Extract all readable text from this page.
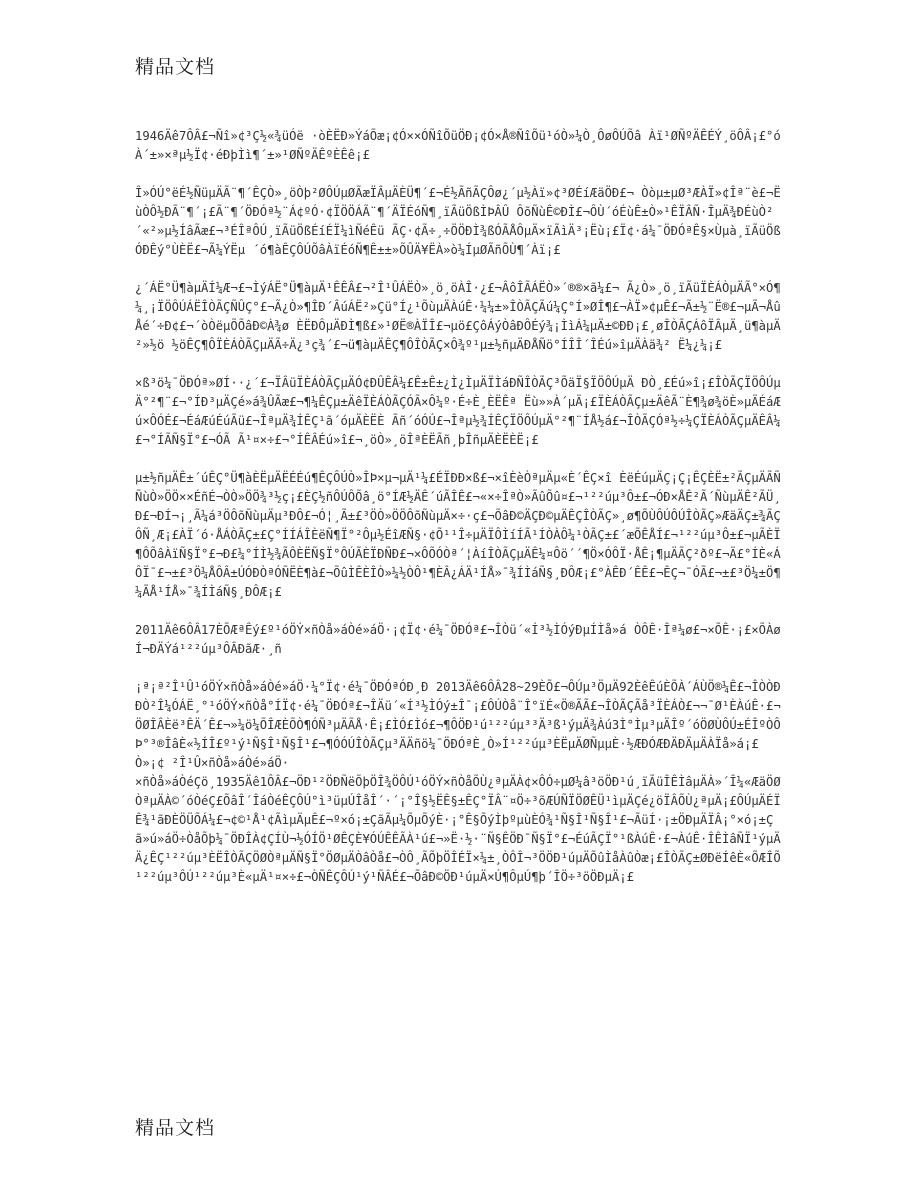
精品文档

1946Äê7ÔÂ£¬Ñî»¢³Ç½«¾üÓë ·òÈËÐ»ÝáÕæ¡¢Ó××ÓÑîÕüÖÐ¡¢Ó×Å®ÑîÕü¹óÒ»¼Ò¸ÔøÔÚÕâ Àï¹ØÑºÄÊÉÝ¸öÔÂ¡£°óÀ´±»×ªµ½Ï¢·éÐþÌì¶´±»¹ØÑºÄÊºÈÊê¡£

Î»ÓÚ°ëÉ½ÑüµÄÃ¨¶´ÊÇÒ»¸öÒþ²ØÔÚµØÃæÏÂµÄÈÜ¶´£¬É½ÃñÃÇÔø¿´µ½Àï»¢³ØÉíÆäÖÐ£¬ Òòµ±µØ³ÆÀÏ»¢Îª¨è£¬ËùÒÔ½ÐÃ¨¶´¡£Ã¨¶´ÖÐÓª½¨Á¢ºÓ·¢ÏÖÖÁÃ¨¶´ÄÏÉóÑ¶¸ïÃüÖßÌÞÂÛ ÔõÑùÊ©ÐÌ£¬ÔÙ´óÉùÊ±Ò»¹ÊÏÂÑ·ÎµÄ¾ÐÉùÒ²´«²»µ½ÍâÃæ£¬³ÉÎªÔÚ¸ïÃüÖßÉíÉÏ¼ìÑéÊü ÃÇ·¢Ã÷¸÷ÖÖÐÌ¾ßÓÃÅÔµÄ×ïÃìÄ³¡Ëù¡£Ï¢·á¼¯ÖÐÓªÊ§×Ùµà¸ïÃüÖßÓÐÊý°ÙÈË£¬Ã¼ÝËµ ´ó¶àÊÇÔÚÕâÀïÉóÑ¶Ê±±»ÕÛÄ¥ËÀ»ò¼ÍµØÃñÕÙ¶´Àï¡£

¿´ÁË°Ü¶àµÄÍ¼Æ¬£¬ÌýÁË°Ü¶àµÄ¹ÊÊÂ£¬²Î¹ÛÁËÒ»¸ö¸öÀÎ·¿£¬ÂôÎÃÁËÒ»´®®×ã¼£¬ Ã¿Ò»¸ö¸ïÃüÏÈÁÒµÄÃ°×Ó¶¼¸¡ÏÖÔÚÁËÎÒÃÇÑÛÇ°£¬Ã¿Ò»¶ÎÐ´ÂúÁË²»Çü°Í¿¹ÕùµÄÀúÊ·¼¼±»ÎÒÃÇÃú¼Ç°Í»ØÎ¶£¬ÀÏ»¢µÊ£¬Ã±½¨Ë®£¬µÃ¬ÅûÅé´÷Ð¢£¬´òÒëµÕÕâÐ©À¾ø ÈËÐÔµÄÐÌ¶ß£»¹ØË®ÀÏÎ£¬µö£ÇôÁýÒâÐÔÉý¾¡ÌìÁ¼µÄ±©ÐÐ¡£¸øÎÒÃÇÁôÏÂµÄ¸ü¶àµÄ²»½ö ½öÊÇ¶ÔÏÈÁÒÃÇµÄÃ÷Ä¿³ç¾´£¬ü¶àµÄÊÇ¶ÔÎÒÃÇ×Ô¾º¹µ±½ñµÄÐÅÑö°ÍÎÎ´ÎÉú»îµÄÀä¾² Ë¼¿¼¡£

×ß³ö¼¯ÖÐÓª»ØÍ··¿´£¬ÏÂüÏÈÁÒÃÇµÄÓ¢ÐÛÊÂ¼£Ê±Ê±¿Ì¿ÌµÄÏÌáÐÑÎÒÃÇ³ÕäÏ§ÏÖÔÚµÄ ÐÒ¸£Éú»î¡£ÎÒÃÇÏÖÔÚµÄ°²¶¨£¬°ÍÐ³µÄÇé»á¾ÛÃæ£¬¶¼ÊÇµ±ÄêÏÈÁÒÃÇÓÃ×Ô¼º·É÷È¸ÈËÊª Ëù»»À´µÄ¡£ÏÈÁÒÃÇµ±ÄêÃ¨È¶¾ø¾öÈ»µÄÉáÆú×ÔÓÉ£¬ÉáÆúÉúÃü£¬ÎªµÄ¾ÍÊÇ¹ã´óµÄÈËÈ Ãñ´óÓÚ£¬Îªµ½¾ÍÊÇÏÖÔÚµÄ°²¶¨ÍÅ½á£¬ÎÒÃÇÓª½÷¼ÇÏÈÁÒÃÇµÄÊÂ¼£¬°ÍÃÑ§Ï°£¬ÓÃ Ã¹¤×÷£¬°ÍÊÂÉú»î£¬¸öÒ»¸öÎªÈËÃñ¸þÎñµÄÈËÈË¡£

µ±½ñµÄÊ±´úÊÇ°Ü¶àÈËµÄËÉÉú¶ÊÇÔÚÒ»ÎÞ×µ¬µÄ¹¼£ÉÏÐÐ×ß£¬×îÈèÒªµÄµ«È´ÊÇ×î ÈëÉúµÄÇ¡Ç¡ÊÇÈË±²ÃÇµÄÃÑÑùÒ»ÖÖ××ÉñÉ¬ÒÒ»ÖÖ¾³½ç¡£ÈÇ½ñÔÚÔÕâ¸ö°ÍÆ½ÄÊ´úÃÎÊ£¬«×÷ÎªÒ»ÃûÕû¤£¬¹²²úµ³Ô±£¬ÓÐ×ÅÊ²Ã´ÑùµÄÊ²ÃÜ¸Ð£¬ÐÍ¬¡¸Ã¼á³ÖÔõÑùµÄµ³ÐÔ£¬Ó¦¸Ã±£³ÖÒ»ÖÖÔõÑùµÄ×÷·ç£¬ÕâÐ©ÄÇÐ©µÄÊÇÎÒÃÇ»¸ø¶ÕÙÔÚÔÚÎÒÃÇ»ÆäÄÇ±¾ÃÇÔÑ¸Æ¡£ÀÏ´ó·ÅÁÒÃÇ±£Ç°ÍÍÁÎÈëÑ¶Ï°²Ôµ½ÉîÆÑ§·¢Õ¹¹Î÷µÄÏÔÌíÍÃ¹ÍÒÀÔ¼¹ÒÃÇ±£´æÕÊÅÍ£¬¹²²úµ³Ô±£¬µÃÈÏ¶ÔÕâÀïÑ§Ï°£¬Ð£¼°ÍÌ½¾ÃÔÈËÑ§Ï°ÔÚÃÈÏÐÑÐ£¬×ÔÕÓÒª´¦ÀíÎÒÃÇµÄÊ¼¤Ôö´´¶Ö×ÓÔÏ·ÅÊ¡¶µÄÃÇ²ðº£¬Ä£°ÍÈ«ÁÔÏ¯£¬±£³Ö¼ÅÔÂ±ÚÓÐÒªÓÑËÈ¶à£¬ÕûÌÊÈÎÒ»¼½ÒÔ¹¶ÈÂ¿ÁÄ¹ÍÅ»¯¾ÍÌáÑ§¸ÐÔÆ¡£°ÀÊÐ´ÊÊ£¬ÊÇ¬¯ÓÃ£¬±£³Ö¼±Ö¶¼ÃÅ¹ÍÅ»¯¾ÍÌáÑ§¸ÐÔÆ¡£

2011Äê6ÔÂ17ÈÕÆªÊý£º¹óÖÝ×ñÒå»áÒé»áÖ·¡¢Ï¢·é¼¯ÖÐÓª£¬ÎÒü´«Í³½ÌÓýÐµÍÌå»á ÒÔÊ·Îª¼ø£¬×ÕÊ·¡£×ÕÀøÍ¬ÐÄÝá¹²²úµ³ÔÂÐãÆ·¸ñ

¡ª¡ª²Î¹Û¹óÖÝ×ñÒå»áÒé»áÖ·¼°Ï¢·é¼¯ÖÐÓªÓÐ¸Ð 2013Äê6ÔÂ28~29ÈÕ£¬ÔÚµ³ÖµÄ92ÈêÊúÈÕÀ´ÁÙÖ®¼Ê£¬ÎÒÒÐÐÒ²Î¼ÓÁË¸°¹óÖÝ×ñÒå°ÍÏ¢·é¼¯ÖÐÓª£¬ÎÄü´«Í³½ÌÓý±Î¯¡£ÔÚÒå¨Î°ïÉ«Ö®ÃÃ£¬ÎÒÃÇÃå³ÏÈÁÒ£¬¬¯Ø¹ÈÀúÊ·£¬ÖØÎÂÈë³ÊÄ´Ê£¬»¼ö¼ÕÎÆÈÕÒ¶ÓÑ³µÄÃÅ·Ê¡£ÌÓ£Ìó£¬¶ÔÖÐ¹ú¹²²úµ³³Ä³ß¹ýµÄ¾Àú3Ì°Ìµ³µÄÎº´óÖØÙÔÚ±ÉÎºÒÔÞ°³®ÎâÈ«½ÍÎ£º¹ý¹Ñ§Î¹Ñ§Î¹£¬¶ÓÓÚÎÒÃÇµ³ÄÄñö¼¯ÖÐÓªÈ¸Ò»Í¹²²úµ³ÈËµÄØÑµµÈ·½ÆÐÓÆÐÄÐÄµÄÀÏå»á¡£

Ò»¡¢ ²Î¹Û×ñÒå»áÒé»áÖ·

×ñÒå»áÒéÇö¸1935Äê1ÔÂ£¬ÖÐ¹²ÖÐÑëÕþÖÎ¾ÖÔÚ¹óÖÝ×ñÒåÕÙ¿ªµÄÀ¢×ÔÓ÷µØ¼â³öÖÐ¹ú¸ïÃüÎÊÌâµÄÀ»´Î¼«ÆäÖØÒªµÄÀ©´óÒéÇ£ÕâÎ´ÎáÒéÊÇÔÚ°ì³üµÚÎåÎ´·´¡°Î§½ËÊ§±ÊÇ°ÏÂ¨¤Ö÷³õÆÚÑÏÖØÊÜ¹ìµÄÇé¿öÏÂÕÙ¿ªµÄ¡£ÔÚµÄÉÏÊ¾¹ãÐÈÖÜÕÁ¼£¬¢©¹Å¹¢ÃìµÄµÊ£¬º×ó¡±ÇãÃµ¼ÕµÕýÈ·¡°Ê§ÕýÌþºµùÈÓ¾¹Ñ§Î¹Ñ§Î¹£¬ÃüÍ·¡±ÖÐµÄÏÂ¡°×ó¡±Çã»ú»áÖ÷ÒåÕþ¼¯ÖÐÎÀ¢ÇÍÙ¬½ÓÍÖ¹ØÊÇÈ¥ÓÚÊÊÃÀ¹ú£¬»Ë·½·¨Ñ§ÊÖÐ¯Ñ§Ï°£¬ÉúÃÇÏ°¹ßÀúÊ·£¬ÀúÊ·ÎÊÌâÑÏ¹ýµÄÄ¿ÊÇ¹²²úµ³ÈËÎÒÃÇÖØÒªµÄÑ§Ï°ÖØµÄÒâÒå£¬ÒÔ¸ÃÕþÖÎÉÏ×¼±¸ÒÔÎ¬³ÖÖÐ¹úµÄÕûÌåÀûÒæ¡£ÎÒÃÇ±ØÐëÍêÈ«ÕÆÎÕ¹²²úµ³ÔÚ¹²²úµ³È«µÄ¹¤×÷£¬ÒÑÊÇÔÚ¹ý¹ÑÂÉ£¬ÕâÐ©ÖÐ¹úµÄ×Ú¶ÔµÚ¶þ´ÎÖ÷³öÖÐµÄ¡£

精品文档
